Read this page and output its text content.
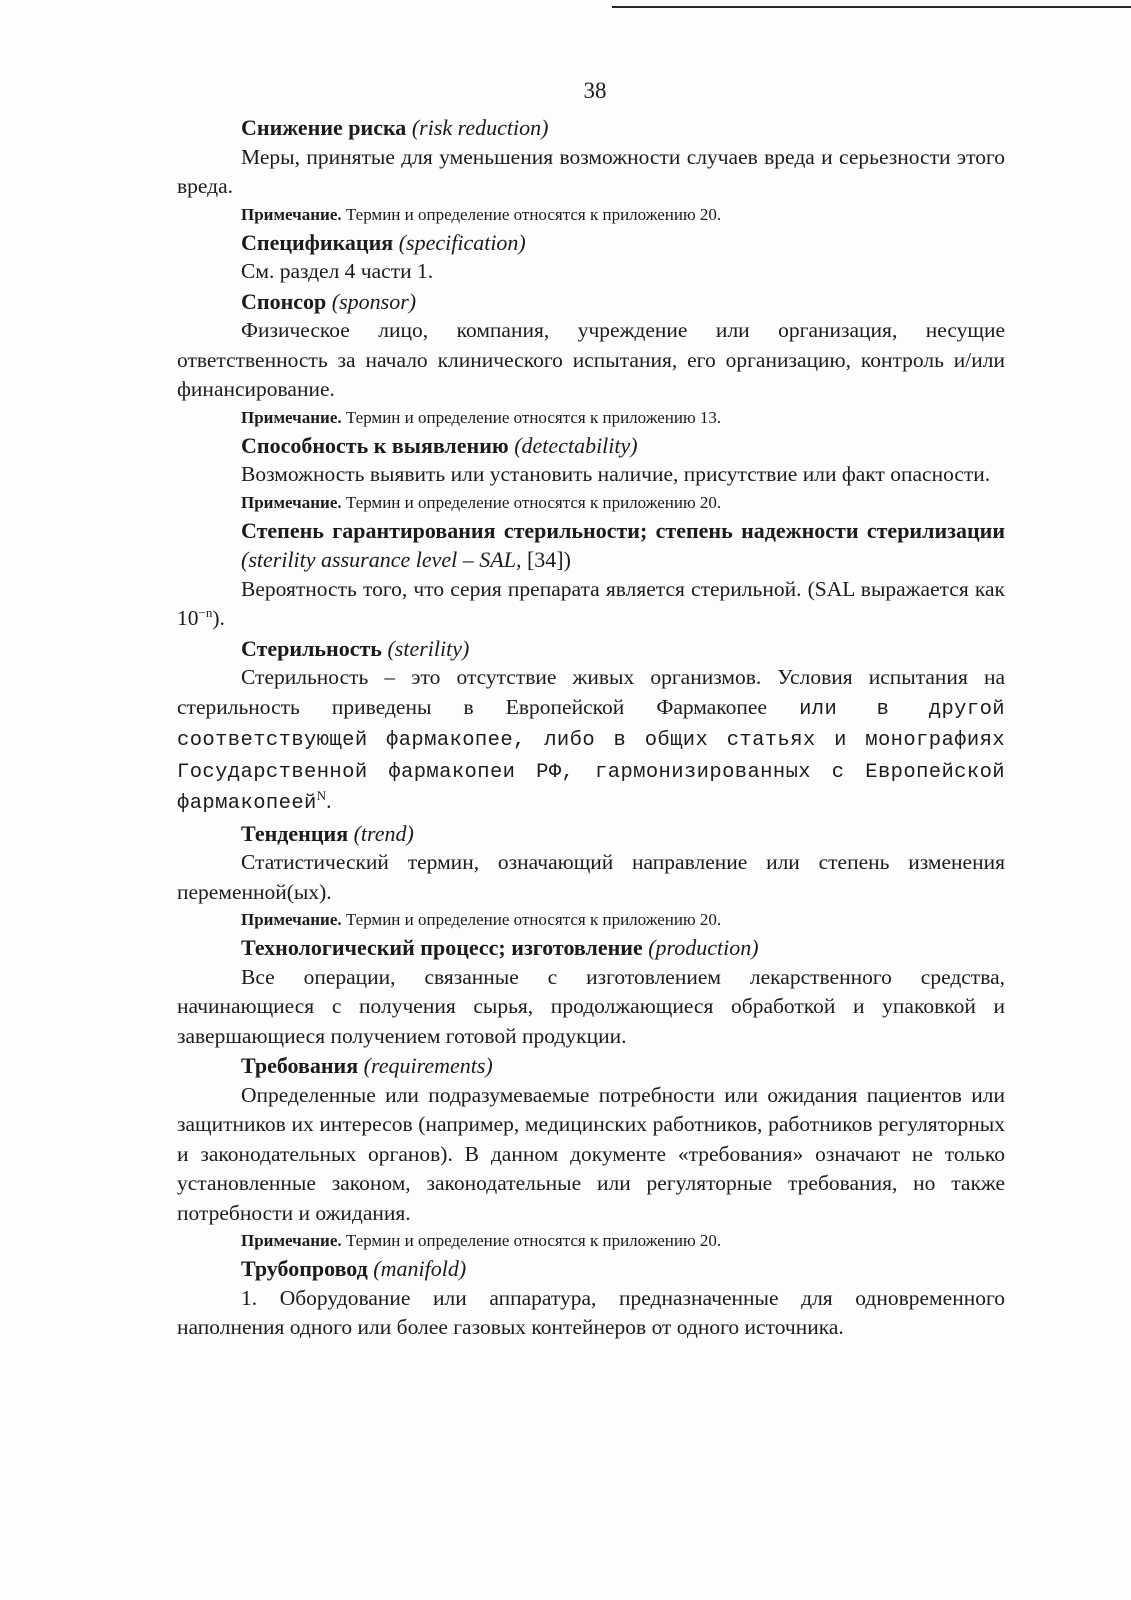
38
Снижение риска (risk reduction)
Меры, принятые для уменьшения возможности случаев вреда и серьезности этого вреда.
Примечание. Термин и определение относятся к приложению 20.
Спецификация (specification)
См. раздел 4 части 1.
Спонсор (sponsor)
Физическое лицо, компания, учреждение или организация, несущие ответственность за начало клинического испытания, его организацию, контроль и/или финансирование.
Примечание. Термин и определение относятся к приложению 13.
Способность к выявлению (detectability)
Возможность выявить или установить наличие, присутствие или факт опасности.
Примечание. Термин и определение относятся к приложению 20.
Степень гарантирования стерильности; степень надежности стерилизации (sterility assurance level – SAL, [34])
Вероятность того, что серия препарата является стерильной. (SAL выражается как $10^{-n}$).
Стерильность (sterility)
Стерильность – это отсутствие живых организмов. Условия испытания на стерильность приведены в Европейской Фармакопее или в другой соответствующей фармакопее, либо в общих статьях и монографиях Государственной фармакопеи РФ, гармонизированных с Европейской фармакопеей$^N$.
Тенденция (trend)
Статистический термин, означающий направление или степень изменения переменной(ых).
Примечание. Термин и определение относятся к приложению 20.
Технологический процесс; изготовление (production)
Все операции, связанные с изготовлением лекарственного средства, начинающиеся с получения сырья, продолжающиеся обработкой и упаковкой и завершающиеся получением готовой продукции.
Требования (requirements)
Определенные или подразумеваемые потребности или ожидания пациентов или защитников их интересов (например, медицинских работников, работников регуляторных и законодательных органов). В данном документе «требования» означают не только установленные законом, законодательные или регуляторные требования, но также потребности и ожидания.
Примечание. Термин и определение относятся к приложению 20.
Трубопровод (manifold)
1. Оборудование или аппаратура, предназначенные для одновременного наполнения одного или более газовых контейнеров от одного источника.
